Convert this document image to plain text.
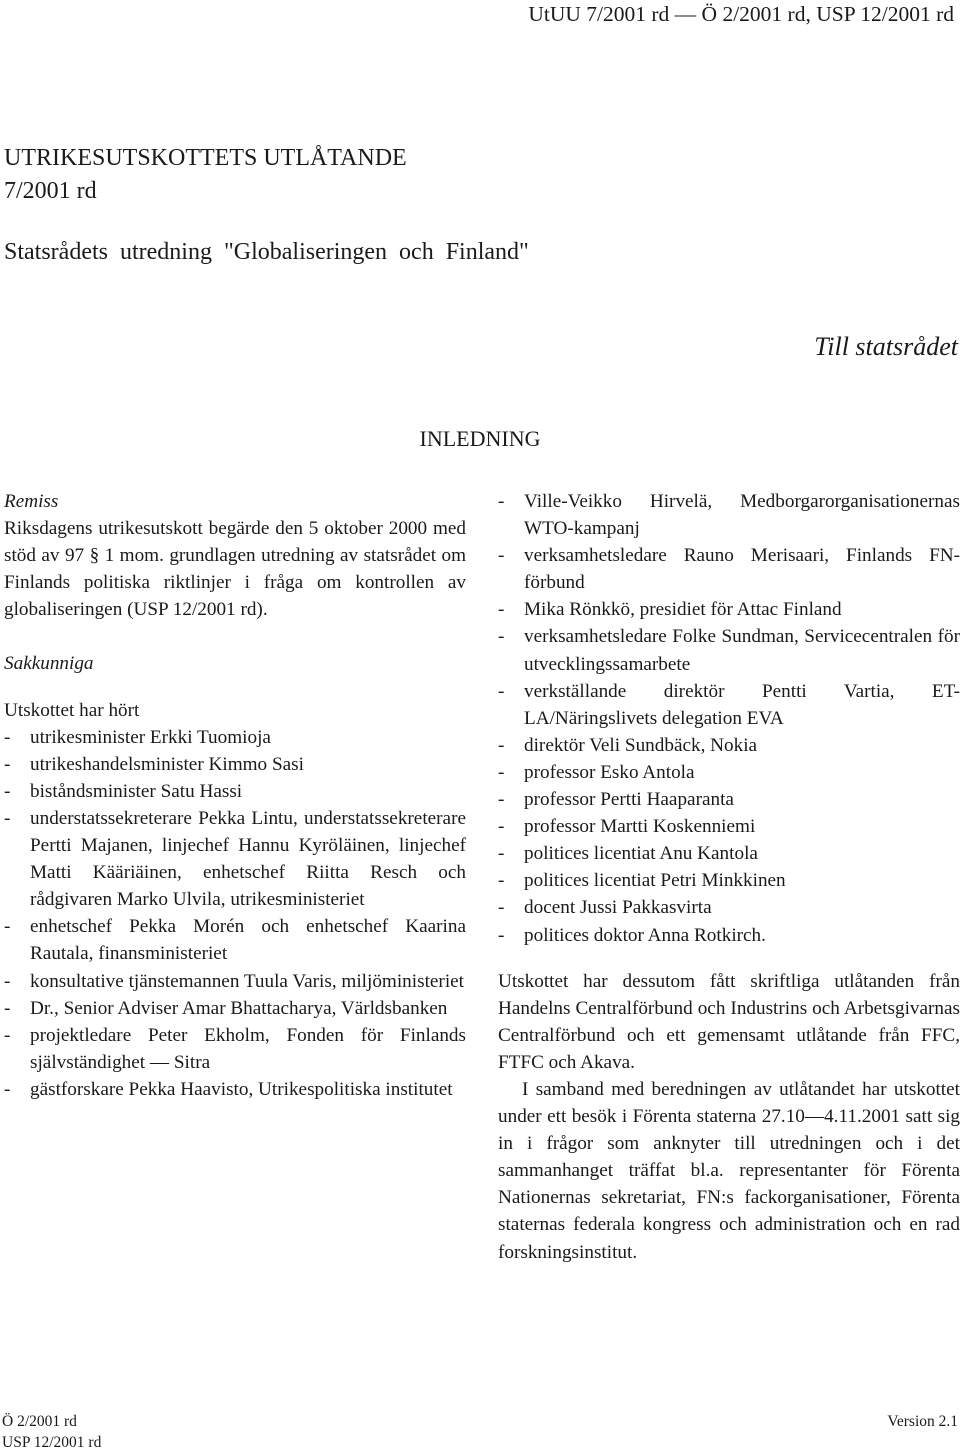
UtUU 7/2001 rd — Ö 2/2001 rd, USP 12/2001 rd
UTRIKESUTSKOTTETS UTLÅTANDE
7/2001 rd
Statsrådets utredning "Globaliseringen och Finland"
Till statsrådet
INLEDNING
Remiss

Riksdagens utrikesutskott begärde den 5 oktober 2000 med stöd av 97 § 1 mom. grundlagen utredning av statsrådet om Finlands politiska riktlinjer i fråga om kontrollen av globaliseringen (USP 12/2001 rd).

Sakkunniga

Utskottet har hört

- utrikesminister Erkki Tuomioja
- utrikeshandelsminister Kimmo Sasi
- biståndsminister Satu Hassi
- understatssekreterare Pekka Lintu, understatssekreterare Pertti Majanen, linjechef Hannu Kyröläinen, linjechef Matti Kääriäinen, enhetschef Riitta Resch och rådgivaren Marko Ulvila, utrikesministeriet
- enhetschef Pekka Morén och enhetschef Kaarina Rautala, finansministeriet
- konsultative tjänstemannen Tuula Varis, miljöministeriet
- Dr., Senior Adviser Amar Bhattacharya, Världsbanken
- projektledare Peter Ekholm, Fonden för Finlands självständighet — Sitra
- gästforskare Pekka Haavisto, Utrikespolitiska institutet
- Ville-Veikko Hirvelä, Medborgarorganisationernas WTO-kampanj
- verksamhetsledare Rauno Merisaari, Finlands FN-förbund
- Mika Rönkkö, presidiet för Attac Finland
- verksamhetsledare Folke Sundman, Servicecentralen för utvecklingssamarbete
- verkställande direktör Pentti Vartia, ET-LA/Näringslivets delegation EVA
- direktör Veli Sundbäck, Nokia
- professor Esko Antola
- professor Pertti Haaparanta
- professor Martti Koskenniemi
- politices licentiat Anu Kantola
- politices licentiat Petri Minkkinen
- docent Jussi Pakkasvirta
- politices doktor Anna Rotkirch.

Utskottet har dessutom fått skriftliga utlåtanden från Handelns Centralförbund och Industrins och Arbetsgivarnas Centralförbund och ett gemensamt utlåtande från FFC, FTFC och Akava.

I samband med beredningen av utlåtandet har utskottet under ett besök i Förenta staterna 27.10—4.11.2001 satt sig in i frågor som anknyter till utredningen och i det sammanhanget träffat bl.a. representanter för Förenta Nationernas sekretariat, FN:s fackorganisationer, Förenta staternas federala kongress och administration och en rad forskningsinstitut.

Ö 2/2001 rd
USP 12/2001 rd
Version 2.1
